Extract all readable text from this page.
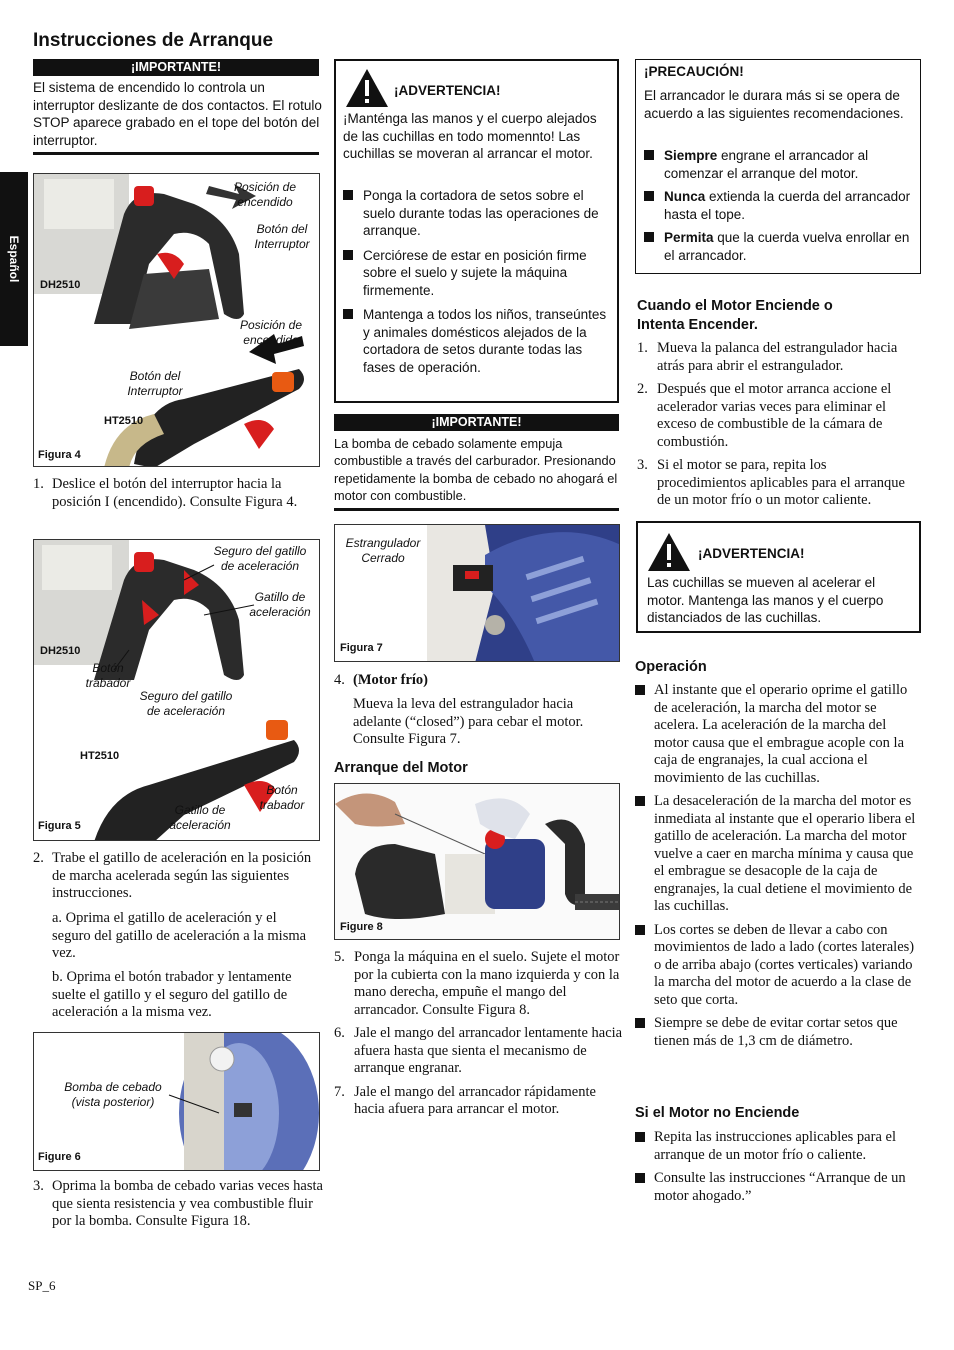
Instrucciones de Arranque
Español
¡IMPORTANTE!
El sistema de encendido lo controla un interruptor deslizante de dos contactos. El rotulo STOP aparece grabado en el tope del botón del interruptor.
Posición de encendido
Botón del Interruptor
DH2510
Posición de encendido
Botón del Interruptor
HT2510
Figura 4
1. Deslice el botón del interruptor hacia la posición I (encendido). Consulte Figura 4.
Seguro del gatillo de aceleración
Gatillo de aceleración
DH2510
Botón trabador
Seguro del gatillo de aceleración
HT2510
Botón trabador
Gatillo de aceleración
Figura 5
2. Trabe el gatillo de aceleración en la posición de marcha acelerada según las siguientes instrucciones.
a. Oprima el gatillo de aceleración y el seguro del gatillo de aceleración a la misma vez.
b. Oprima el botón trabador y lentamente suelte el gatillo y el seguro del gatillo de aceleración a la misma vez.
Bomba de cebado (vista posterior)
Figure 6
3. Oprima la bomba de cebado varias veces hasta que sienta resistencia y vea combustible fluir por la bomba. Consulte Figura 18.
SP_6
¡ADVERTENCIA!
¡Manténga las manos y el cuerpo alejados de las cuchillas en todo momennto! Las cuchillas se moveran al arrancar el motor.
Ponga la cortadora de setos sobre el suelo durante todas las operaciones de arranque.
Cerciórese de estar en posición firme sobre el suelo y sujete la máquina firmemente.
Mantenga a todos los niños, transeúntes y animales domésticos alejados de la cortadora de setos durante todas las fases de operación.
¡IMPORTANTE!
La bomba de cebado solamente empuja combustible a través del carburador. Presionando repetidamente la bomba de cebado no ahogará el motor con combustible.
Estrangulador Cerrado
Figura 7
4. (Motor frío)
Mueva la leva del estrangulador hacia adelante (“closed”) para cebar el motor. Consulte Figura 7.
Arranque del Motor
Figure 8
5. Ponga la máquina en el suelo. Sujete el motor por la cubierta con la mano izquierda y con la mano derecha, empuñe el mango del arrancador. Consulte Figura 8.
6. Jale el mango del arrancador lentamente hacia afuera hasta que sienta el mecanismo de arranque engranar.
7. Jale el mango del arrancador rápidamente hacia afuera para arrancar el motor.
¡PRECAUCIÓN!
El arrancador le durara más si se opera de acuerdo a las siguientes recomendaciones.
Siempre engrane el arrancador al comenzar el arranque del motor.
Nunca extienda la cuerda del arrancador hasta el tope.
Permita que la cuerda vuelva enrollar en el arrancador.
Cuando el Motor Enciende o Intenta Encender.
1. Mueva la palanca del estrangulador hacia atrás para abrir el estrangulador.
2. Después que el motor arranca accione el acelerador varias veces para eliminar el exceso de combustible de la cámara de combustión.
3. Si el motor se para, repita los procedimientos aplicables para el arranque de un motor frío o un motor caliente.
¡ADVERTENCIA!
Las cuchillas se mueven al acelerar el motor. Mantenga las manos y el cuerpo distanciados de las cuchillas.
Operación
Al instante que el operario oprime el gatillo de aceleración, la marcha del motor se acelera. La aceleración de la marcha del motor causa que el embrague acople con la caja de engranajes, la cual acciona el movimiento de las cuchillas.
La desaceleración de la marcha del motor es inmediata al instante que el operario libera el gatillo de aceleración. La marcha del motor vuelve a caer en marcha mínima y causa que el embrague se desacople de la caja de engranajes, la cual detiene el movimiento de las cuchillas.
Los cortes se deben de llevar a cabo con movimientos de lado a lado (cortes laterales) o de arriba abajo (cortes verticales) variando la marcha del motor de acuerdo a la clase de seto que corta.
Siempre se debe de evitar cortar setos que tienen más de 1,3 cm de diámetro.
Si el Motor no Enciende
Repita las instrucciones aplicables para el arranque de un motor frío o caliente.
Consulte las instrucciones “Arranque de un motor ahogado.”
